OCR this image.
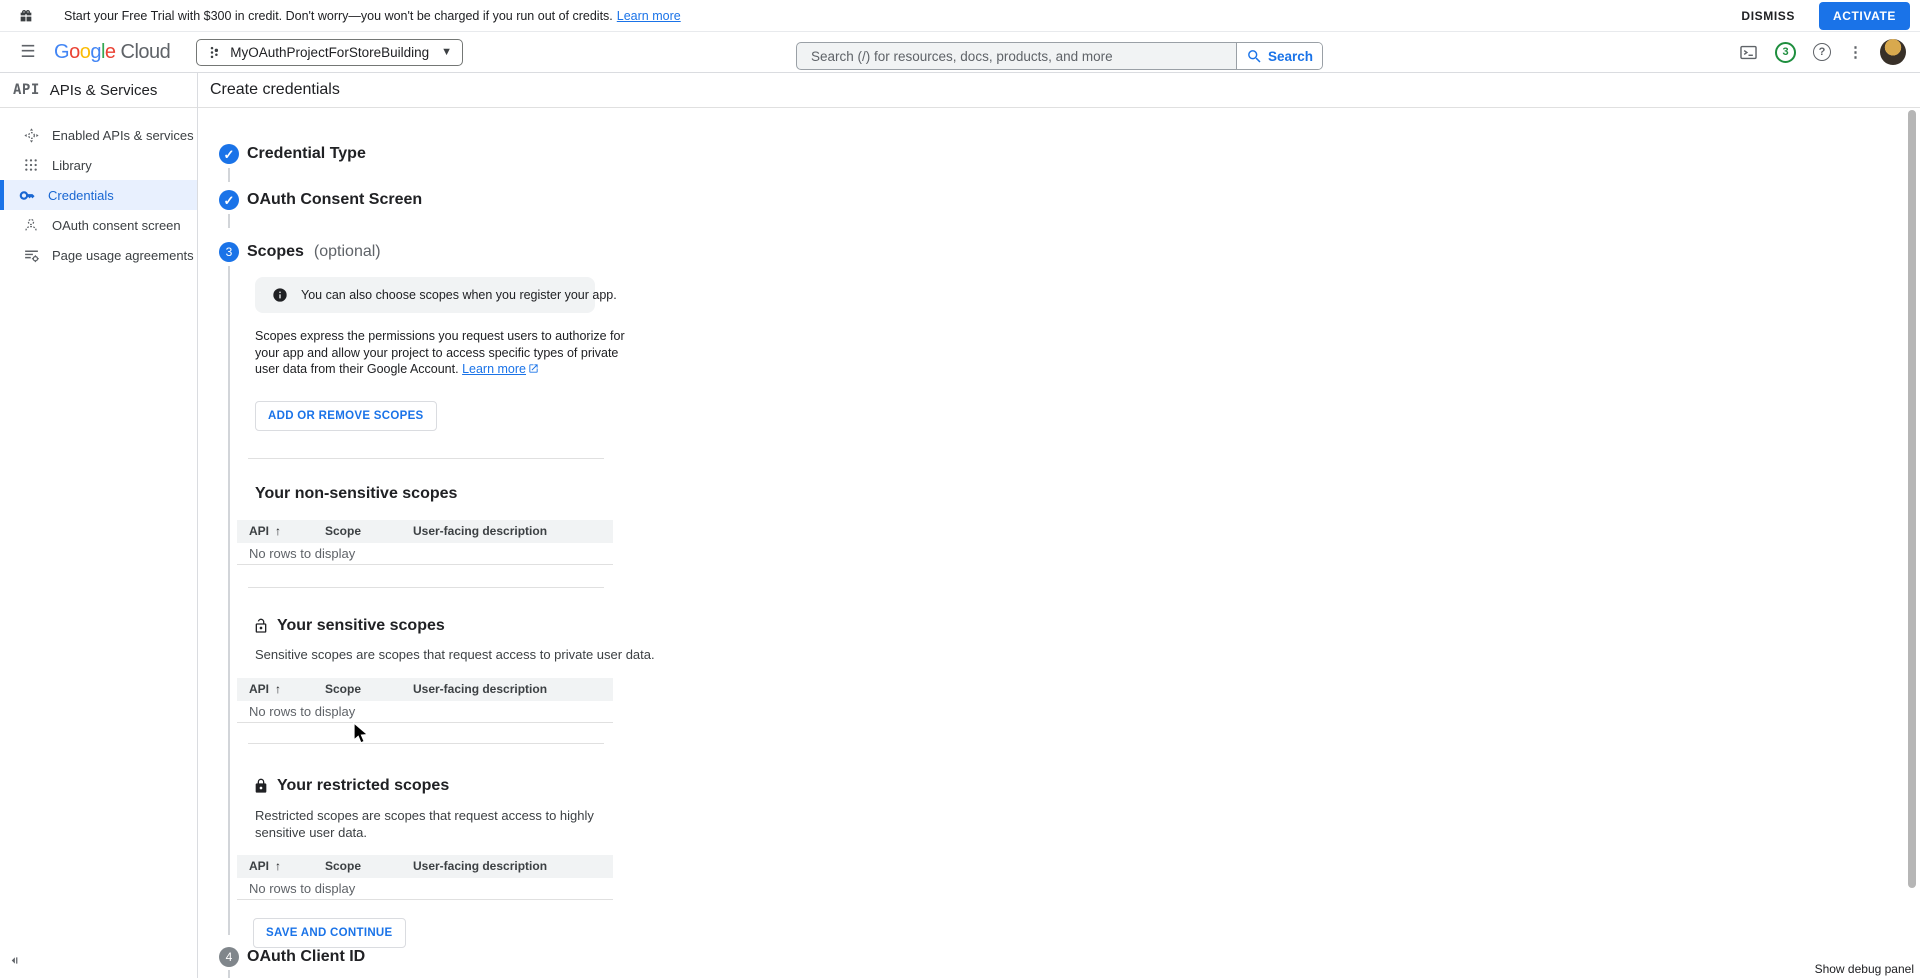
Start your Free Trial with $300 in credit. Don't worry—you won't be charged if you run out of credits. Learn more	DISMISS	ACTIVATE
☰ G o o g l e Cloud	MyOAuthProjectForStoreBuilding ▼
Search (/) for resources, docs, products, and more	Search	3	?	⋮
API APIs & Services
Enabled APIs & services
Library
Credentials
OAuth consent screen
Page usage agreements
Create credentials
✓ Credential Type
✓ OAuth Consent Screen
3 Scopes (optional)
You can also choose scopes when you register your app.

Scopes express the permissions you request users to authorize for your app and allow your project to access specific types of private user data from their Google Account. Learn more

ADD OR REMOVE SCOPES
Your non-sensitive scopes
API ↑	Scope	User-facing description
No rows to display
Your sensitive scopes
Sensitive scopes are scopes that request access to private user data.
API ↑	Scope	User-facing description
No rows to display
Your restricted scopes
Restricted scopes are scopes that request access to highly sensitive user data.
API ↑	Scope	User-facing description
No rows to display
SAVE AND CONTINUE
4 OAuth Client ID
Show debug panel
